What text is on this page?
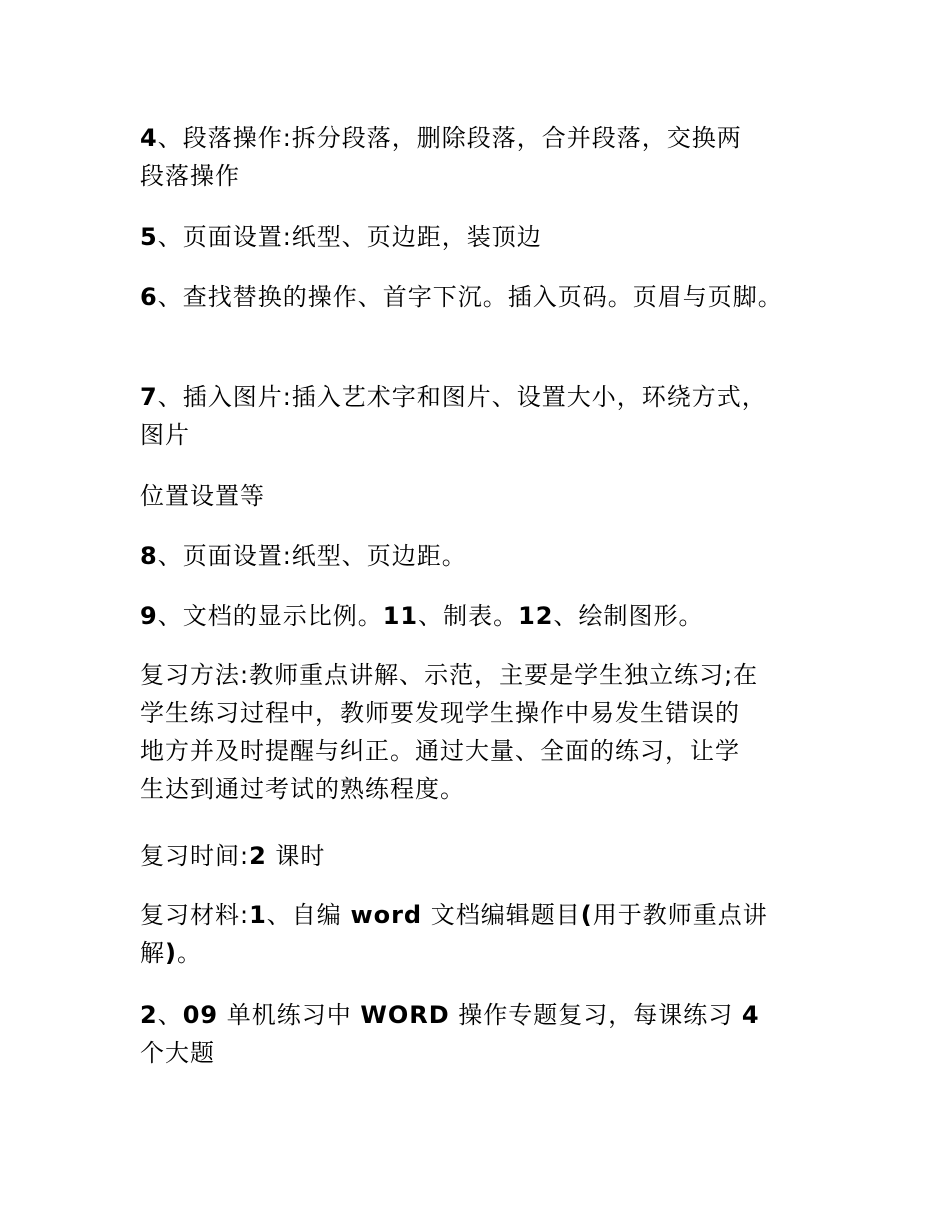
4、段落操作:拆分段落，删除段落，合并段落，交换两
段落操作
5、页面设置:纸型、页边距，装顶边
6、查找替换的操作、首字下沉。插入页码。页眉与页脚。
7、插入图片:插入艺术字和图片、设置大小，环绕方式，
图片
位置设置等
8、页面设置:纸型、页边距。
9、文档的显示比例。11、制表。12、绘制图形。
复习方法:教师重点讲解、示范，主要是学生独立练习;在
学生练习过程中，教师要发现学生操作中易发生错误的
地方并及时提醒与纠正。通过大量、全面的练习，让学
生达到通过考试的熟练程度。
复习时间:2 课时
复习材料:1、自编 word 文档编辑题目(用于教师重点讲
解)。
2、09 单机练习中 WORD 操作专题复习，每课练习 4
个大题
